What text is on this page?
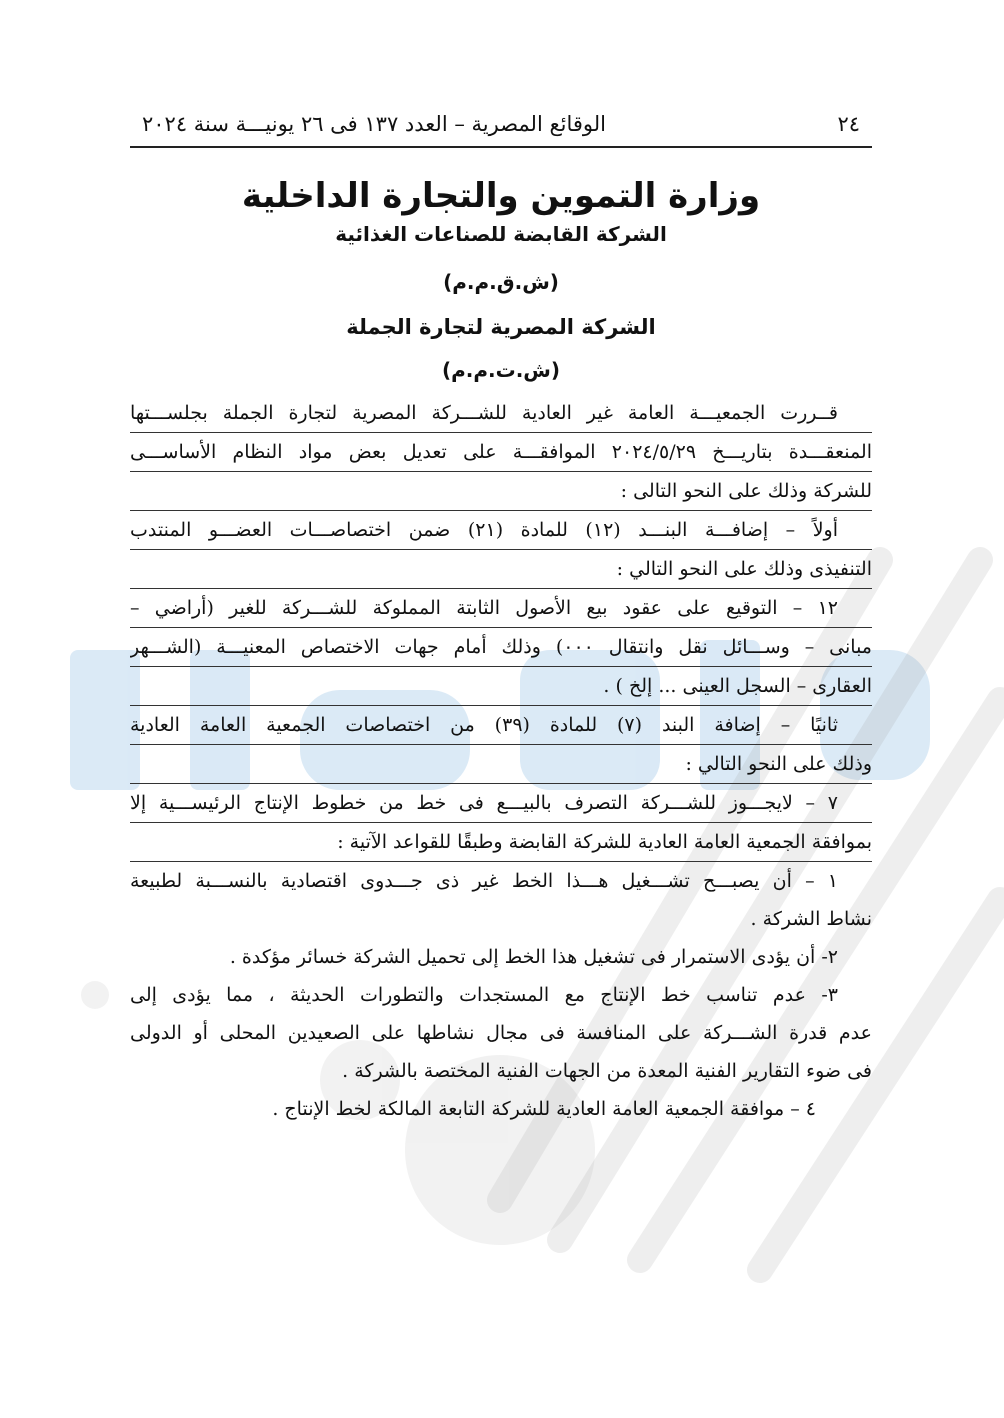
٢٤
الوقائع المصرية – العدد ١٣٧ فى ٢٦ يونيـــة سنة ٢٠٢٤
وزارة التموين والتجارة الداخلية
الشركة القابضة للصناعات الغذائية
(ش.ق.م.م)
الشركة المصرية لتجارة الجملة
(ش.ت.م.م)
قــررت الجمعيـــة العامة غير العادية للشـــركة المصرية لتجارة الجملة بجلســـتها
المنعقـــدة بتاريـــخ ٢٠٢٤/٥/٢٩ الموافقـــة على تعديل بعض مواد النظام الأساســـى
للشركة وذلك على النحو التالى :
أولاً – إضافـــة البنـــد (١٢) للمادة (٢١) ضمن اختصاصـــات العضـــو المنتدب
التنفيذى وذلك على النحو التالي :
١٢ – التوقيع على عقود بيع الأصول الثابتة المملوكة للشـــركة للغير (أراضي –
مبانى – وســـائل نقل وانتقال ٠٠٠) وذلك أمام جهات الاختصاص المعنيـــة (الشـــهر
العقارى – السجل العينى ... إلخ ) .
ثانيًا – إضافة البند (٧) للمادة (٣٩) من اختصاصات الجمعية العامة العادية
وذلك على النحو التالي :
٧ – لايجـــوز للشـــركة التصرف بالبيـــع فى خط من خطوط الإنتاج الرئيســـية إلا
بموافقة الجمعية العامة العادية للشركة القابضة وطبقًا للقواعد الآتية :
١ – أن يصبـــح تشـــغيل هـــذا الخط غير ذى جـــدوى اقتصادية بالنســـبة لطبيعة
نشاط الشركة .
٢- أن يؤدى الاستمرار فى تشغيل هذا الخط إلى تحميل الشركة خسائر مؤكدة .
٣- عدم تناسب خط الإنتاج مع المستجدات والتطورات الحديثة ، مما يؤدى إلى
عدم قدرة الشـــركة على المنافسة فى مجال نشاطها على الصعيدين المحلى أو الدولى
فى ضوء التقارير الفنية المعدة من الجهات الفنية المختصة بالشركة .
٤ – موافقة الجمعية العامة العادية للشركة التابعة المالكة لخط الإنتاج .
